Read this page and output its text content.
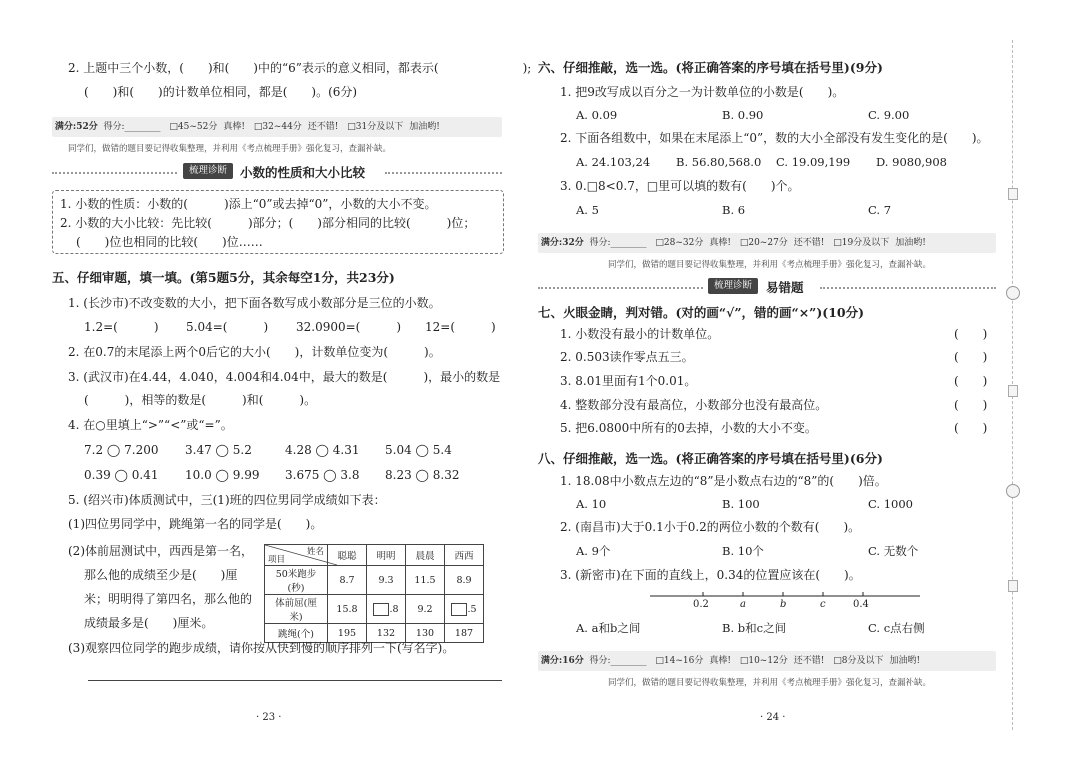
2. 上题中三个小数，(　　)和(　　)中的“6”表示的意义相同，都表示(　　　　　　　);
(　　)和(　　)的计数单位相同，都是(　　)。(6分)
满分:52分 得分:________ □45~52分 真棒! □32~44分 还不错! □31分及以下 加油哟!
同学们，做错的题目要记得收集整理，并利用《考点梳理手册》强化复习，查漏补缺。
梳理诊断	小数的性质和大小比较
1. 小数的性质：小数的(　　　)添上“0”或去掉“0”，小数的大小不变。
2. 小数的大小比较：先比较(　　　)部分；(　　)部分相同的比较(　　　)位；
(　　)位也相同的比较(　　)位……
五、仔细审题，填一填。(第5题5分，其余每空1分，共23分)
1. (长沙市)不改变数的大小，把下面各数写成小数部分是三位的小数。
1.2=(　　　) 5.04=(　　　) 32.0900=(　　　) 12=(　　　)
2. 在0.7的末尾添上两个0后它的大小(　　)，计数单位变为(　　　)。
3. (武汉市)在4.44，4.040，4.004和4.04中，最大的数是(　　　)，最小的数是
(　　　)，相等的数是(　　　)和(　　　)。
4. 在○里填上“>”“<”或“=”。
7.2 ◯ 7.200 3.47 ◯ 5.2	4.28 ◯ 4.31 5.04 ◯ 5.4
0.39 ◯ 0.41 10.0 ◯ 9.99 3.675 ◯ 3.8 8.23 ◯ 8.32
5. (绍兴市)体质测试中，三(1)班的四位男同学成绩如下表：
(1)四位男同学中，跳绳第一名的同学是(　　)。
(2)体前屈测试中，西西是第一名，
那么他的成绩至少是(　　)厘
米；明明得了第四名，那么他的
成绩最多是(　　)厘米。
姓名
项目	聪聪	明明	晨晨	西西
50米跑步(秒)	8.7	9.3	11.5	8.9
体前屈(厘米)	15.8	.8	9.2	.5
跳绳(个)	195	132	130	187
(3)观察四位同学的跑步成绩，请你按从快到慢的顺序排列一下(写名字)。
· 23 ·
六、仔细推敲，选一选。(将正确答案的序号填在括号里)(9分)
1. 把9改写成以百分之一为计数单位的小数是(　　)。
A. 0.09	B. 0.90	C. 9.00
2. 下面各组数中，如果在末尾添上“0”，数的大小全部没有发生变化的是(　　)。
A. 24.103,24 B. 56.80,568.0 C. 19.09,199 D. 9080,908
3. 0.□8<0.7，□里可以填的数有(　　)个。
A. 5	B. 6	C. 7
满分:32分 得分:________ □28~32分 真棒! □20~27分 还不错! □19分及以下 加油哟!
同学们，做错的题目要记得收集整理，并利用《考点梳理手册》强化复习，查漏补缺。
梳理诊断	易错题
七、火眼金睛，判对错。(对的画“√”，错的画“×”)(10分)
1. 小数没有最小的计数单位。
2. 0.503读作零点五三。
3. 8.01里面有1个0.01。
4. 整数部分没有最高位，小数部分也没有最高位。
5. 把6.0800中所有的0去掉，小数的大小不变。
(　　)
(　　)
(　　)
(　　)
(　　)
八、仔细推敲，选一选。(将正确答案的序号填在括号里)(6分)
1. 18.08中小数点左边的“8”是小数点右边的“8”的(　　)倍。
A. 10	B. 100	C. 1000
2. (南昌市)大于0.1小于0.2的两位小数的个数有(　　)。
A. 9个	B. 10个	C. 无数个
3. (新密市)在下面的直线上，0.34的位置应该在(　　)。
0.2	a	b	c	0.4
A. a和b之间	B. b和c之间	C. c点右侧
满分:16分 得分:________ □14~16分 真棒! □10~12分 还不错! □8分及以下 加油哟!
同学们，做错的题目要记得收集整理，并利用《考点梳理手册》强化复习，查漏补缺。
· 24 ·
